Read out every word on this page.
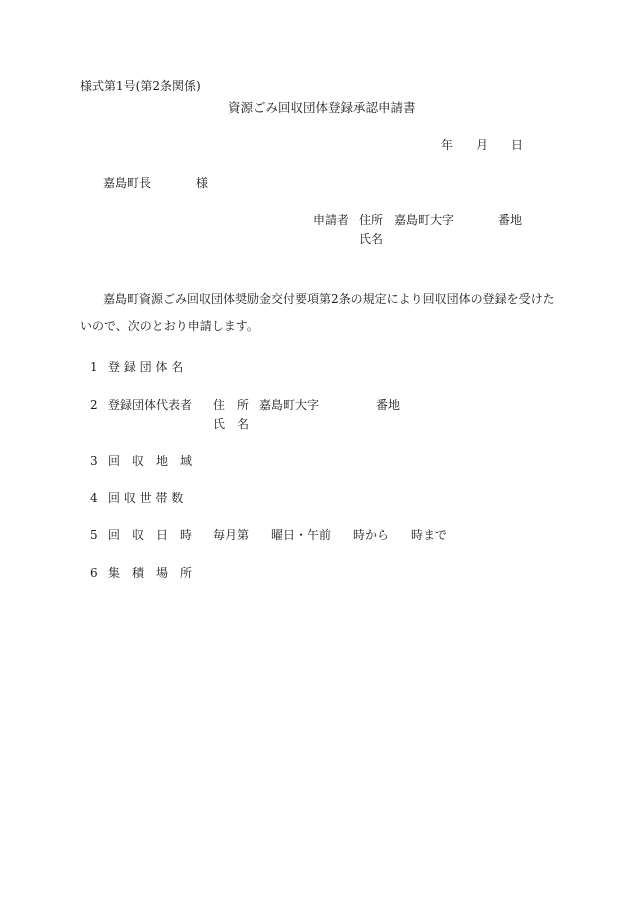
様式第1号(第2条関係)
資源ごみ回収団体登録承認申請書
年 月 日
嘉島町長	様
申請者 住所 嘉島町大字	番地
氏名
嘉島町資源ごみ回収団体奨励金交付要項第2条の規定により回収団体の登録を受けた
いので、次のとおり申請します。
1 登 録 団 体 名
2 登録団体代表者 住　所 嘉島町大字	番地
氏　名
3 回　収　地　域
4 回 収 世 帯 数
5 回　収　日　時 毎月第 曜日・午前 時から 時まで
6 集　積　場　所
